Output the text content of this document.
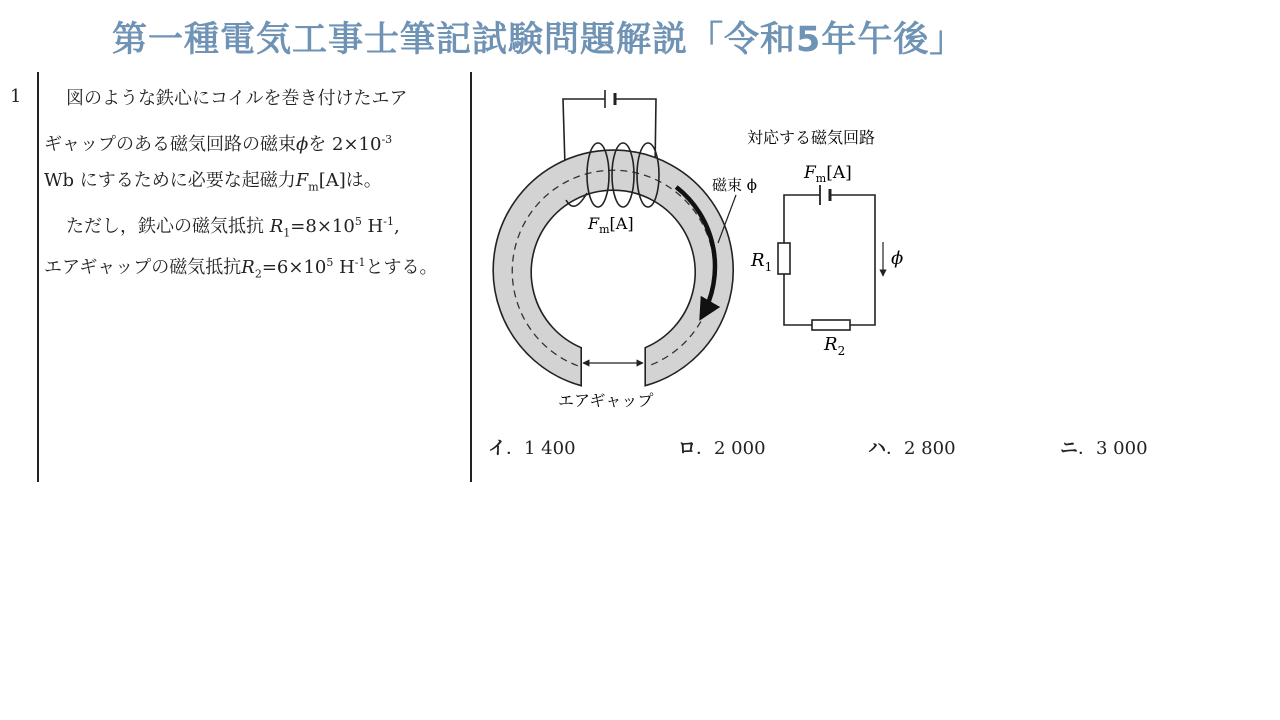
第一種電気工事士筆記試験問題解説「令和5年午後」
1	図のような鉄心にコイルを巻き付けたエア
ギャップのある磁気回路の磁束ϕを $2\times 10^{-3}$
Wb にするために必要な起磁力$F_m[A]$は。
ただし，鉄心の磁気抵抗 $R_1=8\times 10^5$ $H^{-1}$,
エアギャップの磁気抵抗$R_2=6\times 10^5$ $H^{-1}$とする。
エアギャップ
$F_m[A]$
磁束 ϕ
対応する磁気回路
$F_m[A]$
$R_1$
$R_2$
ϕ
イ．1 400	ロ．2 000	ハ．2 800	ニ．3 000
